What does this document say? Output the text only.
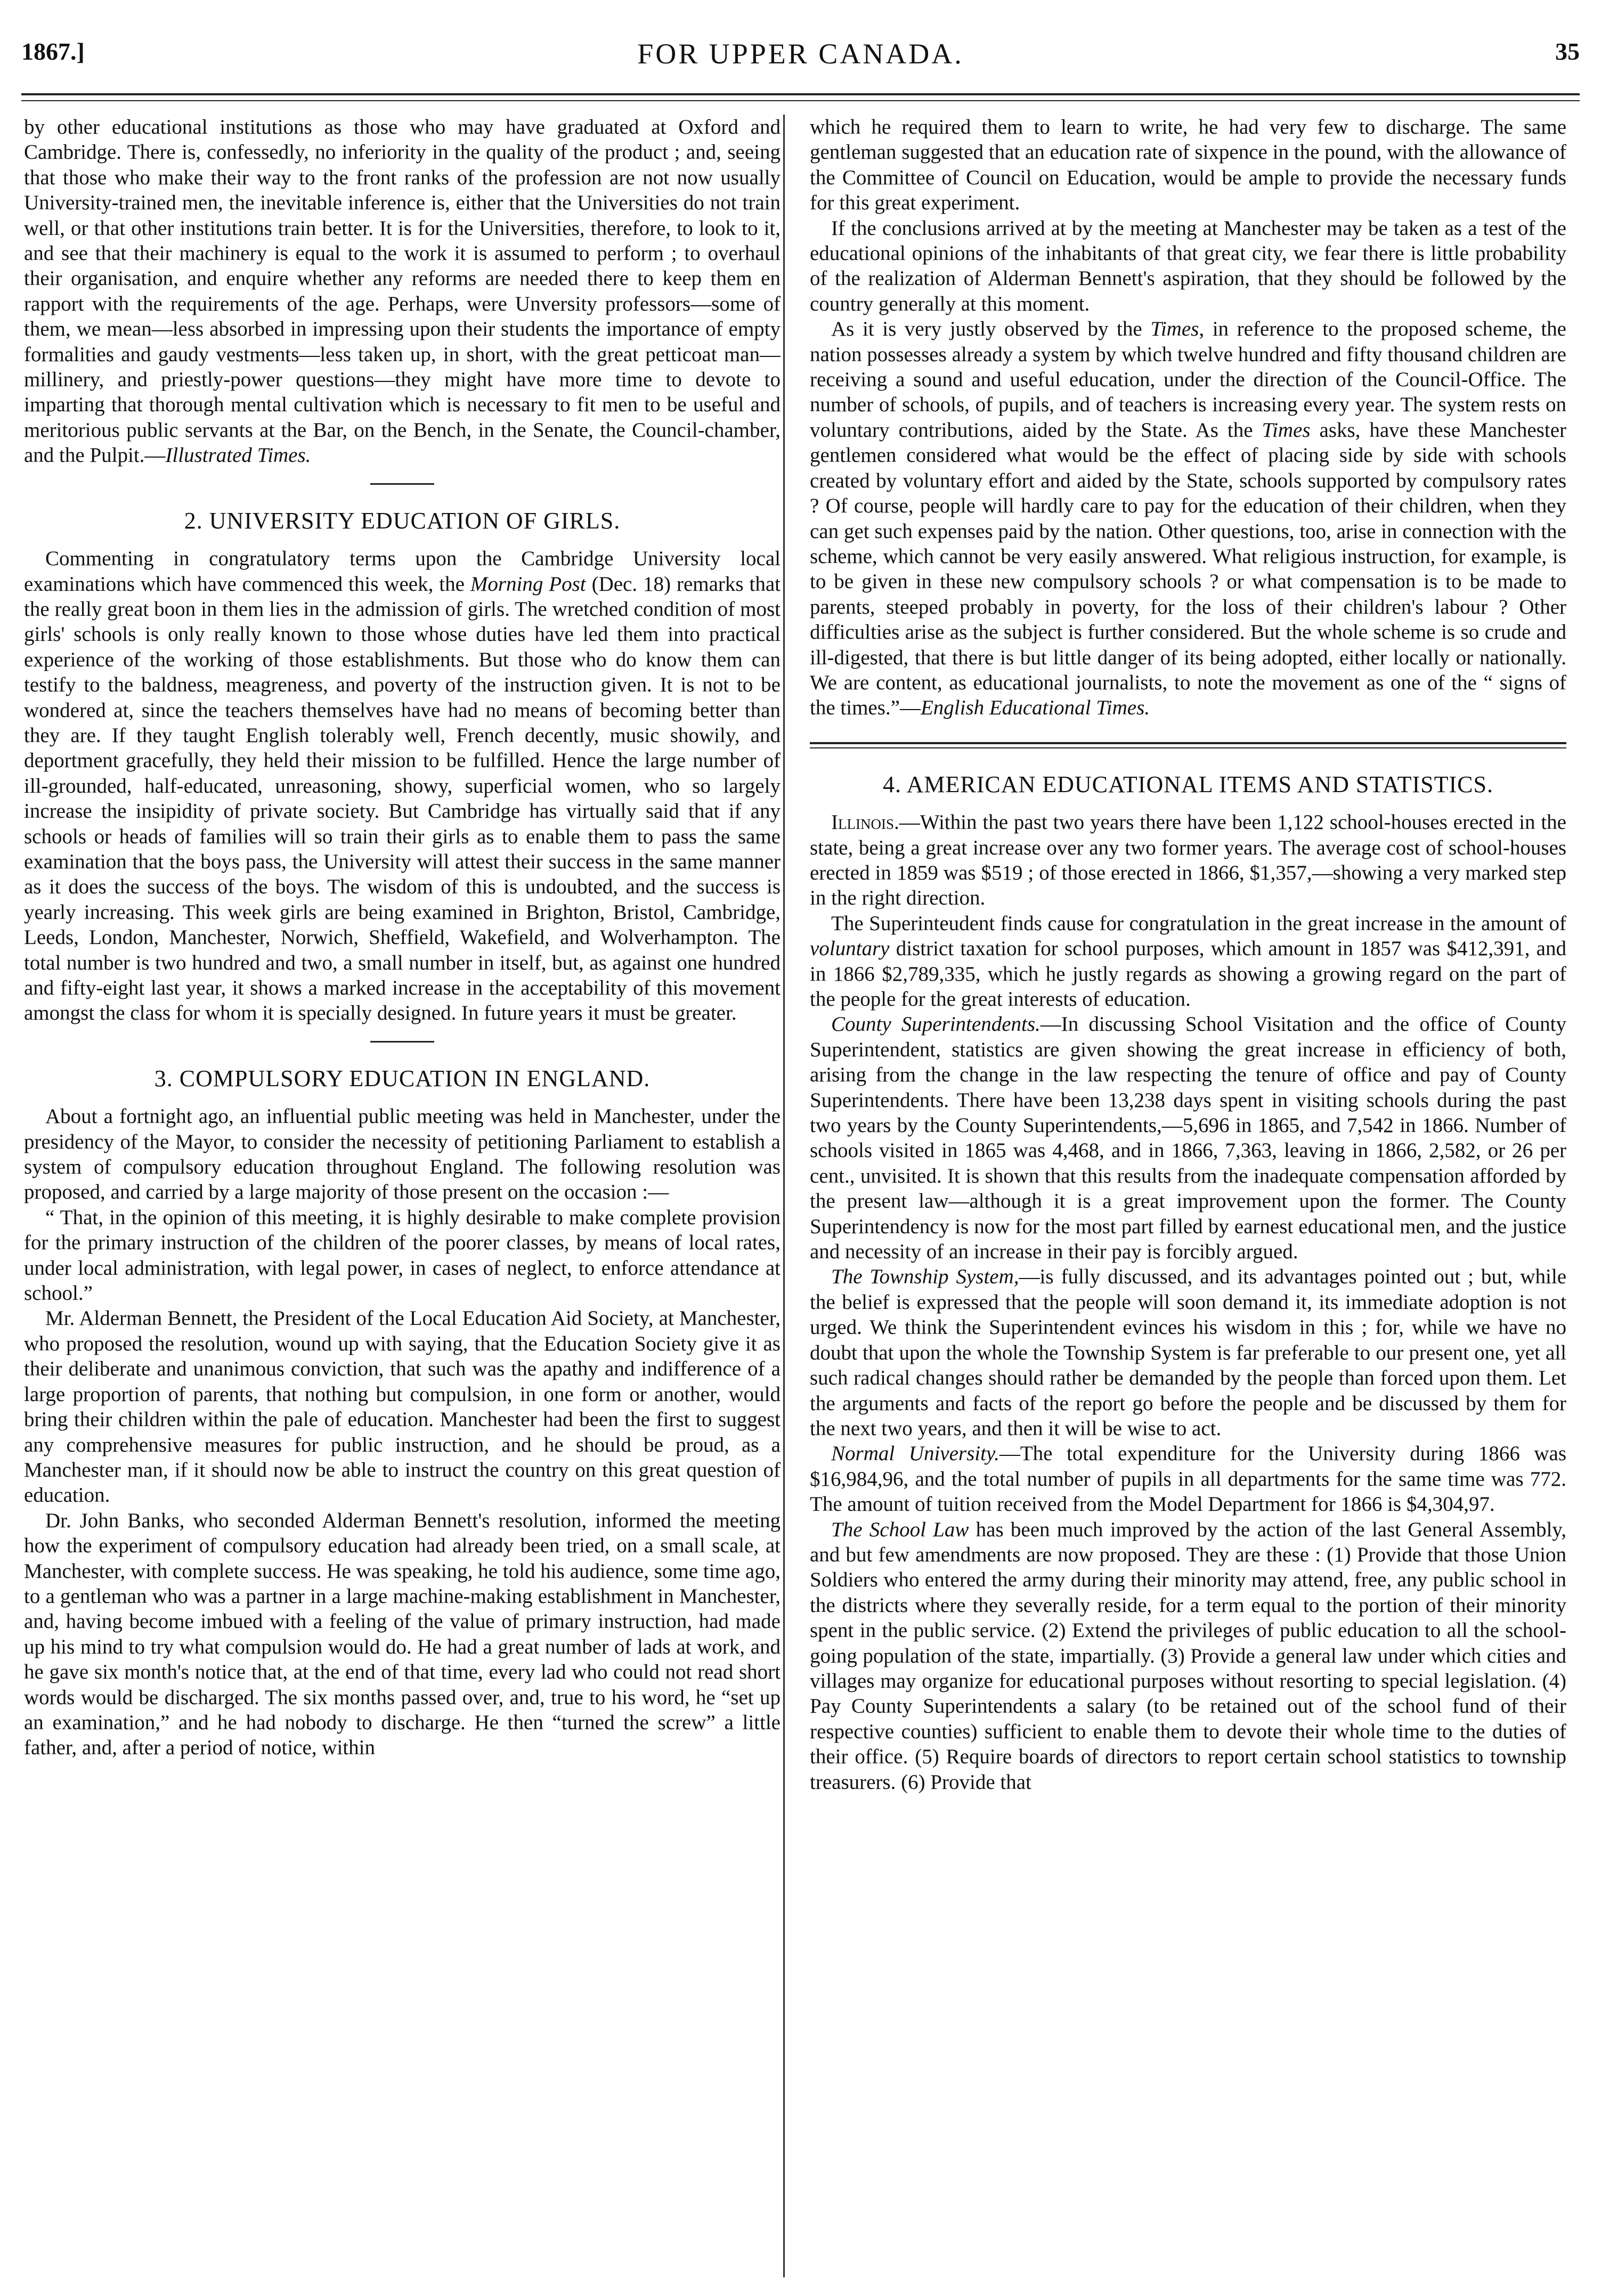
1867.]	FOR UPPER CANADA.	35

by other educational institutions as those who may have graduated at Oxford and Cambridge. There is, confessedly, no inferiority in the quality of the product ; and, seeing that those who make their way to the front ranks of the profession are not now usually University-trained men, the inevitable inference is, either that the Universities do not train well, or that other institutions train better. It is for the Universities, therefore, to look to it, and see that their machinery is equal to the work it is assumed to perform ; to overhaul their organisation, and enquire whether any reforms are needed there to keep them en rapport with the requirements of the age. Perhaps, were Unversity professors—some of them, we mean—less absorbed in impressing upon their students the importance of empty formalities and gaudy vestments—less taken up, in short, with the great petticoat man—millinery, and priestly-power questions—they might have more time to devote to imparting that thorough mental cultivation which is necessary to fit men to be useful and meritorious public servants at the Bar, on the Bench, in the Senate, the Council-chamber, and the Pulpit.—Illustrated Times.

2. UNIVERSITY EDUCATION OF GIRLS.

Commenting in congratulatory terms upon the Cambridge University local examinations which have commenced this week, the Morning Post (Dec. 18) remarks that the really great boon in them lies in the admission of girls. The wretched condition of most girls' schools is only really known to those whose duties have led them into practical experience of the working of those establishments. But those who do know them can testify to the baldness, meagreness, and poverty of the instruction given. It is not to be wondered at, since the teachers themselves have had no means of becoming better than they are. If they taught English tolerably well, French decently, music showily, and deportment gracefully, they held their mission to be fulfilled. Hence the large number of ill-grounded, half-educated, unreasoning, showy, superficial women, who so largely increase the insipidity of private society. But Cambridge has virtually said that if any schools or heads of families will so train their girls as to enable them to pass the same examination that the boys pass, the University will attest their success in the same manner as it does the success of the boys. The wisdom of this is undoubted, and the success is yearly increasing. This week girls are being examined in Brighton, Bristol, Cambridge, Leeds, London, Manchester, Norwich, Sheffield, Wakefield, and Wolverhampton. The total number is two hundred and two, a small number in itself, but, as against one hundred and fifty-eight last year, it shows a marked increase in the acceptability of this movement amongst the class for whom it is specially designed. In future years it must be greater.

3. COMPULSORY EDUCATION IN ENGLAND.

About a fortnight ago, an influential public meeting was held in Manchester, under the presidency of the Mayor, to consider the necessity of petitioning Parliament to establish a system of compulsory education throughout England. The following resolution was proposed, and carried by a large majority of those present on the occasion :—

“ That, in the opinion of this meeting, it is highly desirable to make complete provision for the primary instruction of the children of the poorer classes, by means of local rates, under local administration, with legal power, in cases of neglect, to enforce attendance at school.”

Mr. Alderman Bennett, the President of the Local Education Aid Society, at Manchester, who proposed the resolution, wound up with saying, that the Education Society give it as their deliberate and unanimous conviction, that such was the apathy and indifference of a large proportion of parents, that nothing but compulsion, in one form or another, would bring their children within the pale of education. Manchester had been the first to suggest any comprehensive measures for public instruction, and he should be proud, as a Manchester man, if it should now be able to instruct the country on this great question of education.

Dr. John Banks, who seconded Alderman Bennett's resolution, informed the meeting how the experiment of compulsory education had already been tried, on a small scale, at Manchester, with complete success. He was speaking, he told his audience, some time ago, to a gentleman who was a partner in a large machine-making establishment in Manchester, and, having become imbued with a feeling of the value of primary instruction, had made up his mind to try what compulsion would do. He had a great number of lads at work, and he gave six month's notice that, at the end of that time, every lad who could not read short words would be discharged. The six months passed over, and, true to his word, he “set up an examination,” and he had nobody to discharge. He then “turned the screw” a little father, and, after a period of notice, within

which he required them to learn to write, he had very few to discharge. The same gentleman suggested that an education rate of sixpence in the pound, with the allowance of the Committee of Council on Education, would be ample to provide the necessary funds for this great experiment.

If the conclusions arrived at by the meeting at Manchester may be taken as a test of the educational opinions of the inhabitants of that great city, we fear there is little probability of the realization of Alderman Bennett's aspiration, that they should be followed by the country generally at this moment.

As it is very justly observed by the Times, in reference to the proposed scheme, the nation possesses already a system by which twelve hundred and fifty thousand children are receiving a sound and useful education, under the direction of the Council-Office. The number of schools, of pupils, and of teachers is increasing every year. The system rests on voluntary contributions, aided by the State. As the Times asks, have these Manchester gentlemen considered what would be the effect of placing side by side with schools created by voluntary effort and aided by the State, schools supported by compulsory rates ? Of course, people will hardly care to pay for the education of their children, when they can get such expenses paid by the nation. Other questions, too, arise in connection with the scheme, which cannot be very easily answered. What religious instruction, for example, is to be given in these new compulsory schools ? or what compensation is to be made to parents, steeped probably in poverty, for the loss of their children's labour ? Other difficulties arise as the subject is further considered. But the whole scheme is so crude and ill-digested, that there is but little danger of its being adopted, either locally or nationally. We are content, as educational journalists, to note the movement as one of the “ signs of the times.”—English Educational Times.

4. AMERICAN EDUCATIONAL ITEMS AND STATISTICS.

Illinois.—Within the past two years there have been 1,122 school-houses erected in the state, being a great increase over any two former years. The average cost of school-houses erected in 1859 was $519 ; of those erected in 1866, $1,357,—showing a very marked step in the right direction.

The Superinteudent finds cause for congratulation in the great increase in the amount of voluntary district taxation for school purposes, which amount in 1857 was $412,391, and in 1866 $2,789,335, which he justly regards as showing a growing regard on the part of the people for the great interests of education.

County Superintendents.—In discussing School Visitation and the office of County Superintendent, statistics are given showing the great increase in efficiency of both, arising from the change in the law respecting the tenure of office and pay of County Superintendents. There have been 13,238 days spent in visiting schools during the past two years by the County Superintendents,—5,696 in 1865, and 7,542 in 1866. Number of schools visited in 1865 was 4,468, and in 1866, 7,363, leaving in 1866, 2,582, or 26 per cent., unvisited. It is shown that this results from the inadequate compensation afforded by the present law—although it is a great improvement upon the former. The County Superintendency is now for the most part filled by earnest educational men, and the justice and necessity of an increase in their pay is forcibly argued.

The Township System,—is fully discussed, and its advantages pointed out ; but, while the belief is expressed that the people will soon demand it, its immediate adoption is not urged. We think the Superintendent evinces his wisdom in this ; for, while we have no doubt that upon the whole the Township System is far preferable to our present one, yet all such radical changes should rather be demanded by the people than forced upon them. Let the arguments and facts of the report go before the people and be discussed by them for the next two years, and then it will be wise to act.

Normal University.—The total expenditure for the University during 1866 was $16,984,96, and the total number of pupils in all departments for the same time was 772. The amount of tuition received from the Model Department for 1866 is $4,304,97.

The School Law has been much improved by the action of the last General Assembly, and but few amendments are now proposed. They are these : (1) Provide that those Union Soldiers who entered the army during their minority may attend, free, any public school in the districts where they severally reside, for a term equal to the portion of their minority spent in the public service. (2) Extend the privileges of public education to all the school-going population of the state, impartially. (3) Provide a general law under which cities and villages may organize for educational purposes without resorting to special legislation. (4) Pay County Superintendents a salary (to be retained out of the school fund of their respective counties) sufficient to enable them to devote their whole time to the duties of their office. (5) Require boards of directors to report certain school statistics to township treasurers. (6) Provide that
